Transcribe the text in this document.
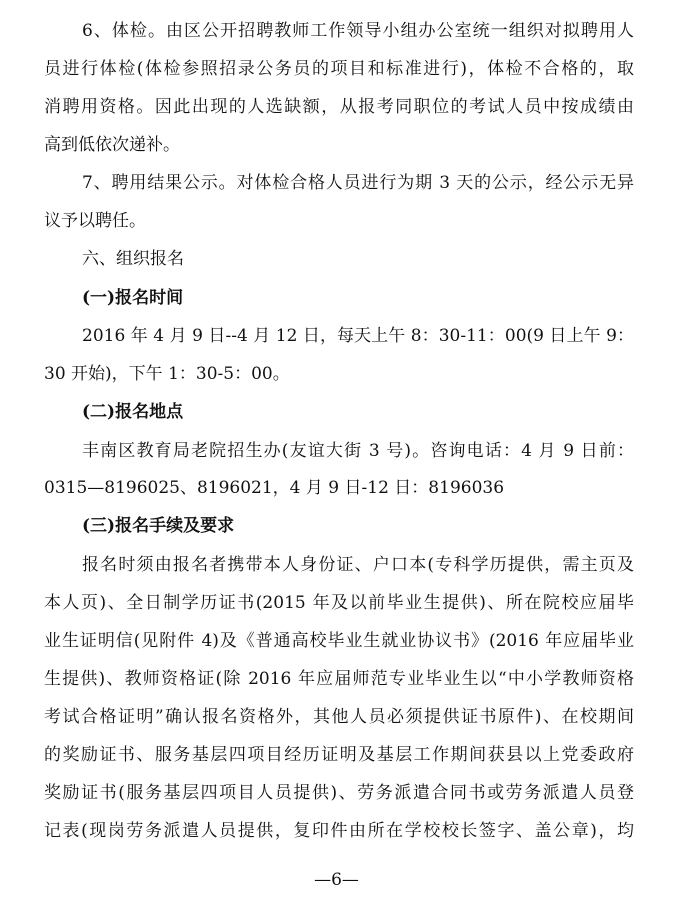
6、体检。由区公开招聘教师工作领导小组办公室统一组织对拟聘用人
员进行体检(体检参照招录公务员的项目和标准进行)，体检不合格的，取
消聘用资格。因此出现的人选缺额，从报考同职位的考试人员中按成绩由
高到低依次递补。
7、聘用结果公示。对体检合格人员进行为期 3 天的公示，经公示无异
议予以聘任。
六、组织报名
(一)报名时间
2016 年 4 月 9 日--4 月 12 日，每天上午 8：30-11：00(9 日上午 9：
30 开始)，下午 1：30-5：00。
(二)报名地点
丰南区教育局老院招生办(友谊大街 3 号)。咨询电话：4 月 9 日前：
0315—8196025、8196021，4 月 9 日-12 日：8196036
(三)报名手续及要求
报名时须由报名者携带本人身份证、户口本(专科学历提供，需主页及
本人页)、全日制学历证书(2015 年及以前毕业生提供)、所在院校应届毕
业生证明信(见附件 4)及《普通高校毕业生就业协议书》(2016 年应届毕业
生提供)、教师资格证(除 2016 年应届师范专业毕业生以“中小学教师资格
考试合格证明”确认报名资格外，其他人员必须提供证书原件)、在校期间
的奖励证书、服务基层四项目经历证明及基层工作期间获县以上党委政府
奖励证书(服务基层四项目人员提供)、劳务派遣合同书或劳务派遣人员登
记表(现岗劳务派遣人员提供，复印件由所在学校校长签字、盖公章)，均
—6—
